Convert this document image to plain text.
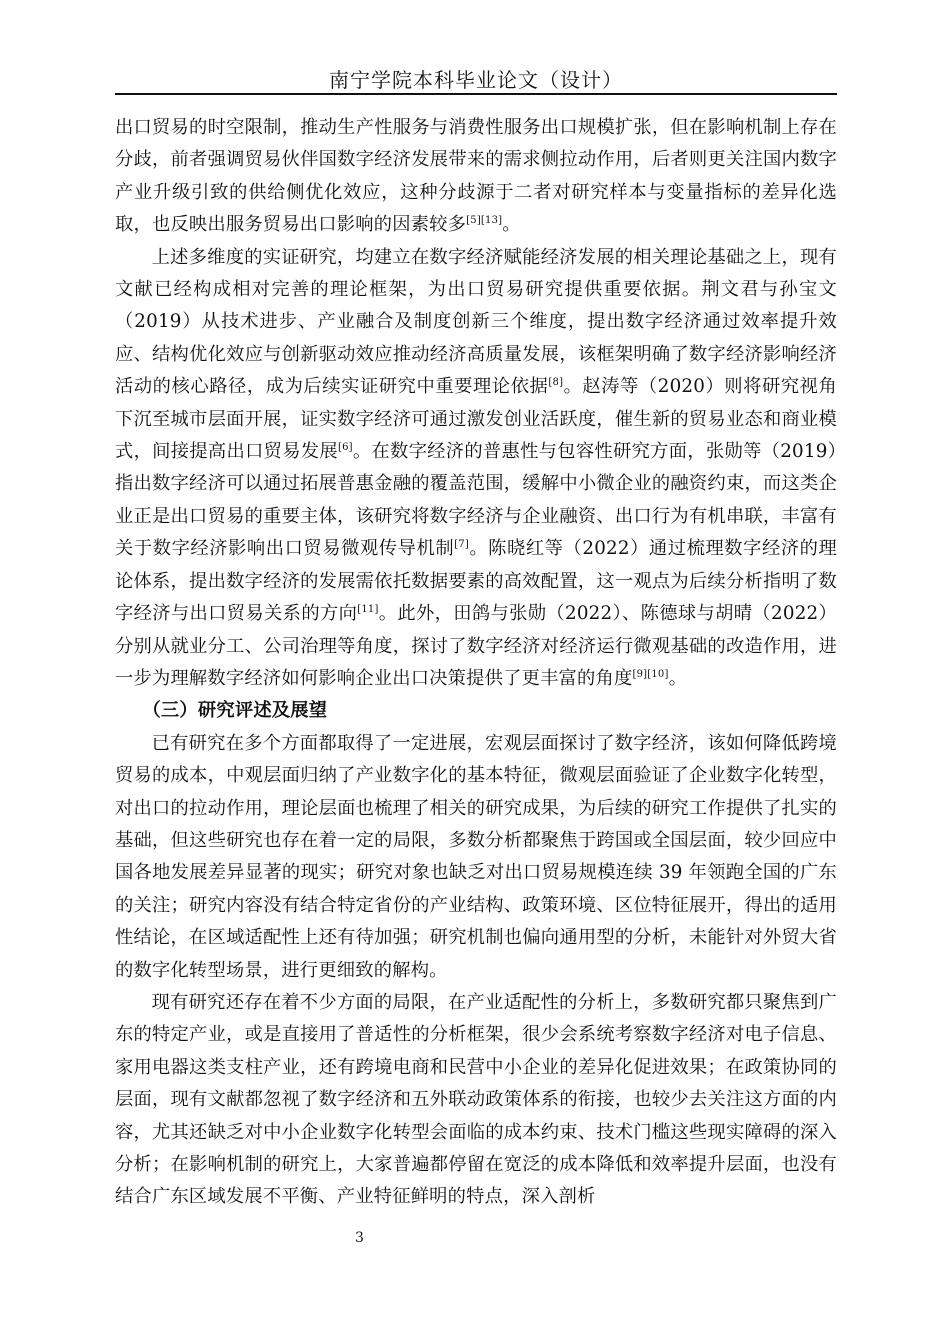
南宁学院本科毕业论文（设计）

出口贸易的时空限制，推动生产性服务与消费性服务出口规模扩张，但在影响机制上存在分歧，前者强调贸易伙伴国数字经济发展带来的需求侧拉动作用，后者则更关注国内数字产业升级引致的供给侧优化效应，这种分歧源于二者对研究样本与变量指标的差异化选取，也反映出服务贸易出口影响的因素较多[5][13]。

上述多维度的实证研究，均建立在数字经济赋能经济发展的相关理论基础之上，现有文献已经构成相对完善的理论框架，为出口贸易研究提供重要依据。荆文君与孙宝文（2019）从技术进步、产业融合及制度创新三个维度，提出数字经济通过效率提升效应、结构优化效应与创新驱动效应推动经济高质量发展，该框架明确了数字经济影响经济活动的核心路径，成为后续实证研究中重要理论依据[8]。赵涛等（2020）则将研究视角下沉至城市层面开展，证实数字经济可通过激发创业活跃度，催生新的贸易业态和商业模式，间接提高出口贸易发展[6]。在数字经济的普惠性与包容性研究方面，张勋等（2019）指出数字经济可以通过拓展普惠金融的覆盖范围，缓解中小微企业的融资约束，而这类企业正是出口贸易的重要主体，该研究将数字经济与企业融资、出口行为有机串联，丰富有关于数字经济影响出口贸易微观传导机制[7]。陈晓红等（2022）通过梳理数字经济的理论体系，提出数字经济的发展需依托数据要素的高效配置，这一观点为后续分析指明了数字经济与出口贸易关系的方向[11]。此外，田鸽与张勋（2022）、陈德球与胡晴（2022）分别从就业分工、公司治理等角度，探讨了数字经济对经济运行微观基础的改造作用，进一步为理解数字经济如何影响企业出口决策提供了更丰富的角度[9][10]。

（三）研究评述及展望

已有研究在多个方面都取得了一定进展，宏观层面探讨了数字经济，该如何降低跨境贸易的成本，中观层面归纳了产业数字化的基本特征，微观层面验证了企业数字化转型，对出口的拉动作用，理论层面也梳理了相关的研究成果，为后续的研究工作提供了扎实的基础，但这些研究也存在着一定的局限，多数分析都聚焦于跨国或全国层面，较少回应中国各地发展差异显著的现实；研究对象也缺乏对出口贸易规模连续 39 年领跑全国的广东的关注；研究内容没有结合特定省份的产业结构、政策环境、区位特征展开，得出的适用性结论，在区域适配性上还有待加强；研究机制也偏向通用型的分析，未能针对外贸大省的数字化转型场景，进行更细致的解构。

现有研究还存在着不少方面的局限，在产业适配性的分析上，多数研究都只聚焦到广东的特定产业，或是直接用了普适性的分析框架，很少会系统考察数字经济对电子信息、家用电器这类支柱产业，还有跨境电商和民营中小企业的差异化促进效果；在政策协同的层面，现有文献都忽视了数字经济和五外联动政策体系的衔接，也较少去关注这方面的内容，尤其还缺乏对中小企业数字化转型会面临的成本约束、技术门槛这些现实障碍的深入分析；在影响机制的研究上，大家普遍都停留在宽泛的成本降低和效率提升层面，也没有结合广东区域发展不平衡、产业特征鲜明的特点，深入剖析

3
